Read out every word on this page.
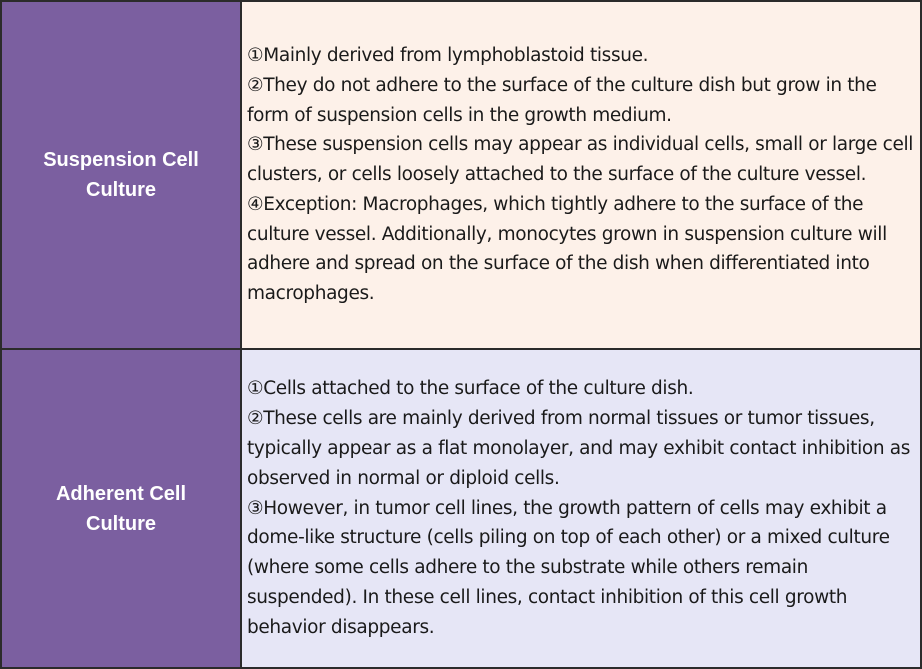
Suspension Cell Culture
①Mainly derived from lymphoblastoid tissue.
②They do not adhere to the surface of the culture dish but grow in the form of suspension cells in the growth medium.
③These suspension cells may appear as individual cells, small or large cell clusters, or cells loosely attached to the surface of the culture vessel.
④Exception: Macrophages, which tightly adhere to the surface of the culture vessel. Additionally, monocytes grown in suspension culture will adhere and spread on the surface of the dish when differentiated into macrophages.
Adherent Cell Culture
①Cells attached to the surface of the culture dish.
②These cells are mainly derived from normal tissues or tumor tissues, typically appear as a flat monolayer, and may exhibit contact inhibition as observed in normal or diploid cells.
③However, in tumor cell lines, the growth pattern of cells may exhibit a dome-like structure (cells piling on top of each other) or a mixed culture (where some cells adhere to the substrate while others remain suspended). In these cell lines, contact inhibition of this cell growth behavior disappears.
